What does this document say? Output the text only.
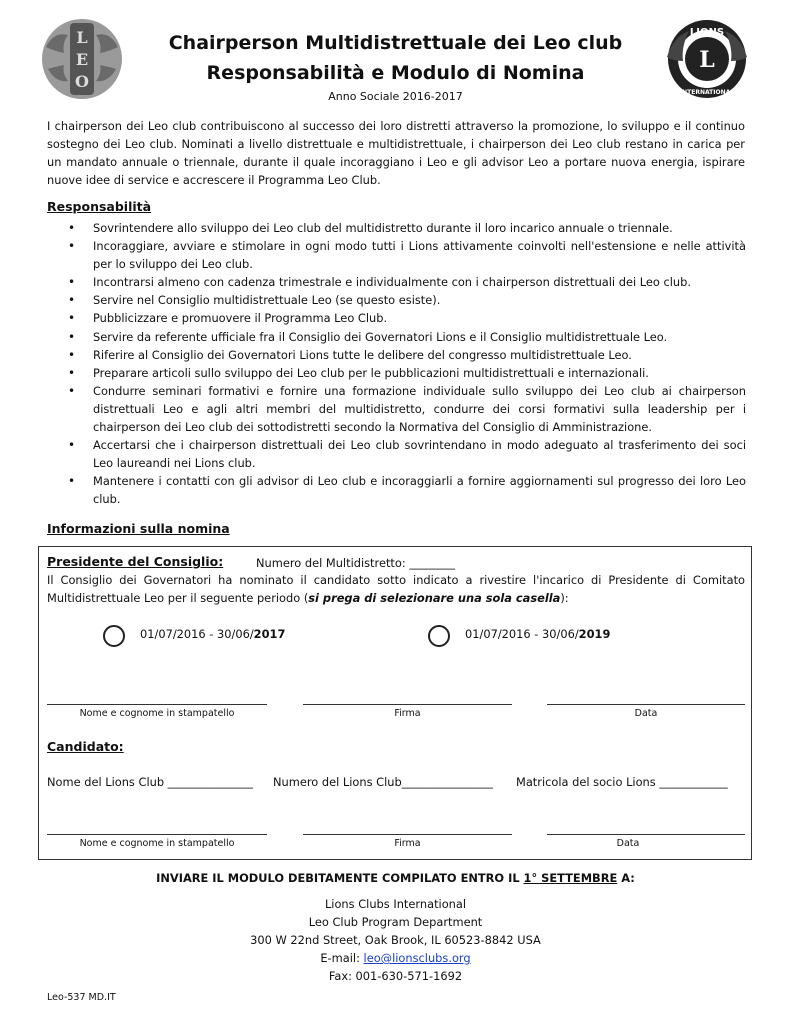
L
E
O
LIONS
L
INTERNATIONAL
Chairperson Multidistrettuale dei Leo club
Responsabilità e Modulo di Nomina
Anno Sociale 2016-2017

I chairperson dei Leo club contribuiscono al successo dei loro distretti attraverso la promozione, lo sviluppo e il continuo sostegno dei Leo club. Nominati a livello distrettuale e multidistrettuale, i chairperson dei Leo club restano in carica per un mandato annuale o triennale, durante il quale incoraggiano i Leo e gli advisor Leo a portare nuova energia, ispirare nuove idee di service e accrescere il Programma Leo Club.

Responsabilità
• Sovrintendere allo sviluppo dei Leo club del multidistretto durante il loro incarico annuale o triennale.
• Incoraggiare, avviare e stimolare in ogni modo tutti i Lions attivamente coinvolti nell'estensione e nelle attività per lo sviluppo dei Leo club.
• Incontrarsi almeno con cadenza trimestrale e individualmente con i chairperson distrettuali dei Leo club.
• Servire nel Consiglio multidistrettuale Leo (se questo esiste).
• Pubblicizzare e promuovere il Programma Leo Club.
• Servire da referente ufficiale fra il Consiglio dei Governatori Lions e il Consiglio multidistrettuale Leo.
• Riferire al Consiglio dei Governatori Lions tutte le delibere del congresso multidistrettuale Leo.
• Preparare articoli sullo sviluppo dei Leo club per le pubblicazioni multidistrettuali e internazionali.
• Condurre seminari formativi e fornire una formazione individuale sullo sviluppo dei Leo club ai chairperson distrettuali Leo e agli altri membri del multidistretto, condurre dei corsi formativi sulla leadership per i chairperson dei Leo club dei sottodistretti secondo la Normativa del Consiglio di Amministrazione.
• Accertarsi che i chairperson distrettuali dei Leo club sovrintendano in modo adeguato al trasferimento dei soci Leo laureandi nei Lions club.
• Mantenere i contatti con gli advisor di Leo club e incoraggiarli a fornire aggiornamenti sul progresso dei loro Leo club.
Informazioni sulla nomina
Presidente del Consiglio:	Numero del Multidistretto: ________
Il Consiglio dei Governatori ha nominato il candidato sotto indicato a rivestire l'incarico di Presidente di Comitato Multidistrettuale Leo per il seguente periodo (si prega di selezionare una sola casella):
01/07/2016 - 30/06/2017	01/07/2016 - 30/06/2019
Nome e cognome in stampatello	Firma	Data
Candidato:
Nome del Lions Club _______________ Numero del Lions Club________________ Matricola del socio Lions ____________
Nome e cognome in stampatello	Firma	Data
INVIARE IL MODULO DEBITAMENTE COMPILATO ENTRO IL 1° SETTEMBRE A:
Lions Clubs International
Leo Club Program Department
300 W 22nd Street, Oak Brook, IL 60523-8842 USA
E-mail: leo@lionsclubs.org
Fax: 001-630-571-1692
Leo-537 MD.IT
